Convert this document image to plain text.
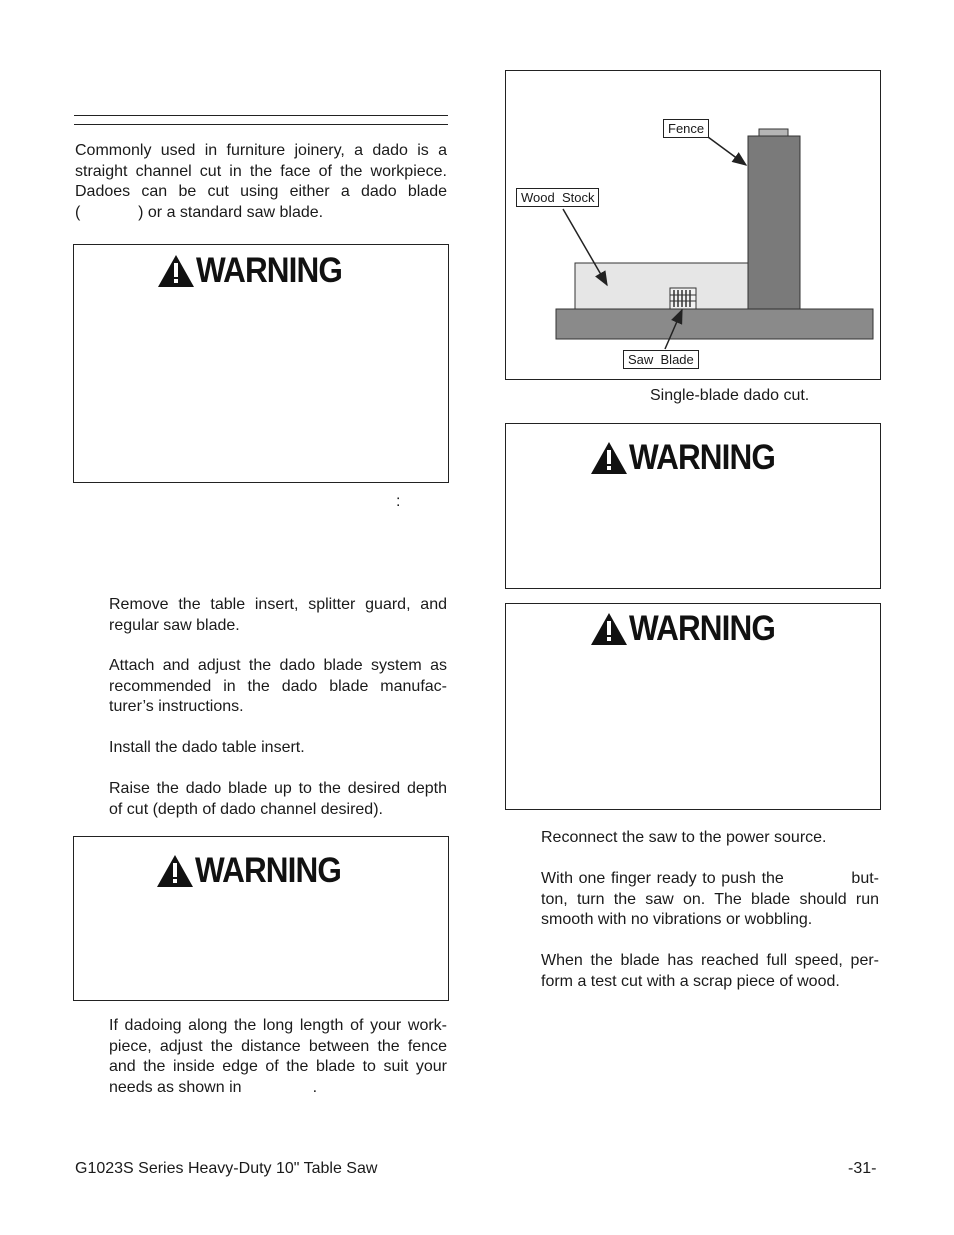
Commonly used in furniture joinery, a dado is a
straight channel cut in the face of the workpiece.
Dadoes can be cut using either a dado blade
(             ) or a standard saw blade.
WARNING
:
Remove the table insert, splitter guard, and
regular saw blade.
Attach and adjust the dado blade system as
recommended in the dado blade manufac-
turer’s instructions.
Install the dado table insert.
Raise the dado blade up to the desired depth
of cut (depth of dado channel desired).
WARNING
If dadoing along the long length of your work-
piece, adjust the distance between the fence
and the inside edge of the blade to suit your
needs as shown in                .
Fence
Wood  Stock
Saw  Blade
Single-blade dado cut.
WARNING
WARNING
Reconnect the saw to the power source.
With one finger ready to push the            but-
ton, turn the saw on. The blade should run
smooth with no vibrations or wobbling.
When the blade has reached full speed, per-
form a test cut with a scrap piece of wood.
G1023S Series Heavy-Duty 10" Table Saw	-31-
